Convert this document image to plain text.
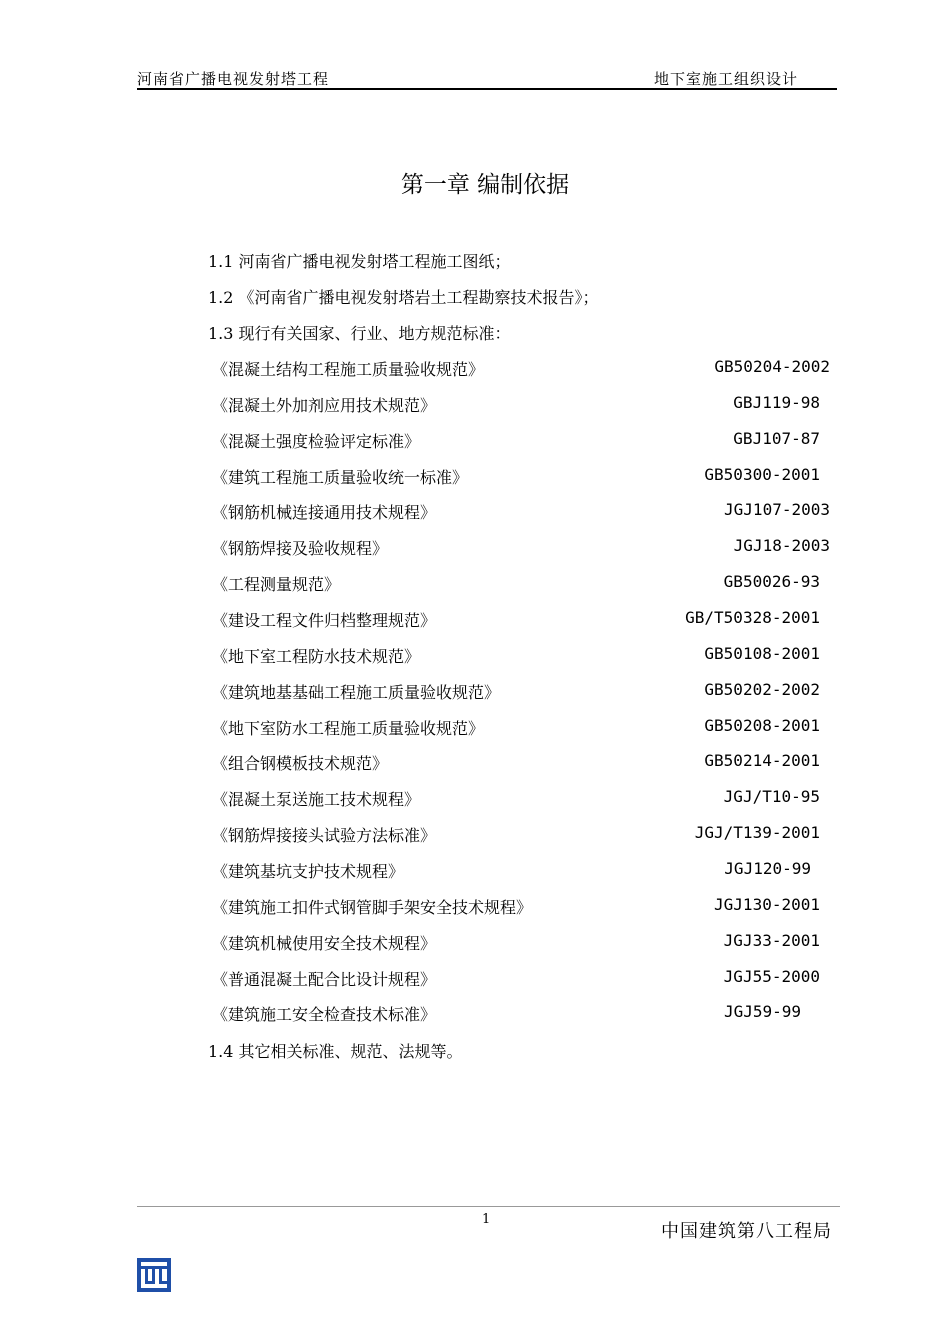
河南省广播电视发射塔工程	地下室施工组织设计
第一章 编制依据
1.1 河南省广播电视发射塔工程施工图纸；
1.2 《河南省广播电视发射塔岩土工程勘察技术报告》；
1.3 现行有关国家、行业、地方规范标准：
《混凝土结构工程施工质量验收规范》	GB50204-2002
《混凝土外加剂应用技术规范》	GBJ119-98
《混凝土强度检验评定标准》	GBJ107-87
《建筑工程施工质量验收统一标准》	GB50300-2001
《钢筋机械连接通用技术规程》	JGJ107-2003
《钢筋焊接及验收规程》	JGJ18-2003
《工程测量规范》	GB50026-93
《建设工程文件归档整理规范》	GB/T50328-2001
《地下室工程防水技术规范》	GB50108-2001
《建筑地基基础工程施工质量验收规范》	GB50202-2002
《地下室防水工程施工质量验收规范》	GB50208-2001
《组合钢模板技术规范》	GB50214-2001
《混凝土泵送施工技术规程》	JGJ/T10-95
《钢筋焊接接头试验方法标准》	JGJ/T139-2001
《建筑基坑支护技术规程》	JGJ120-99
《建筑施工扣件式钢管脚手架安全技术规程》	JGJ130-2001
《建筑机械使用安全技术规程》	JGJ33-2001
《普通混凝土配合比设计规程》	JGJ55-2000
《建筑施工安全检查技术标准》	JGJ59-99
1.4 其它相关标准、规范、法规等。
1
中国建筑第八工程局
